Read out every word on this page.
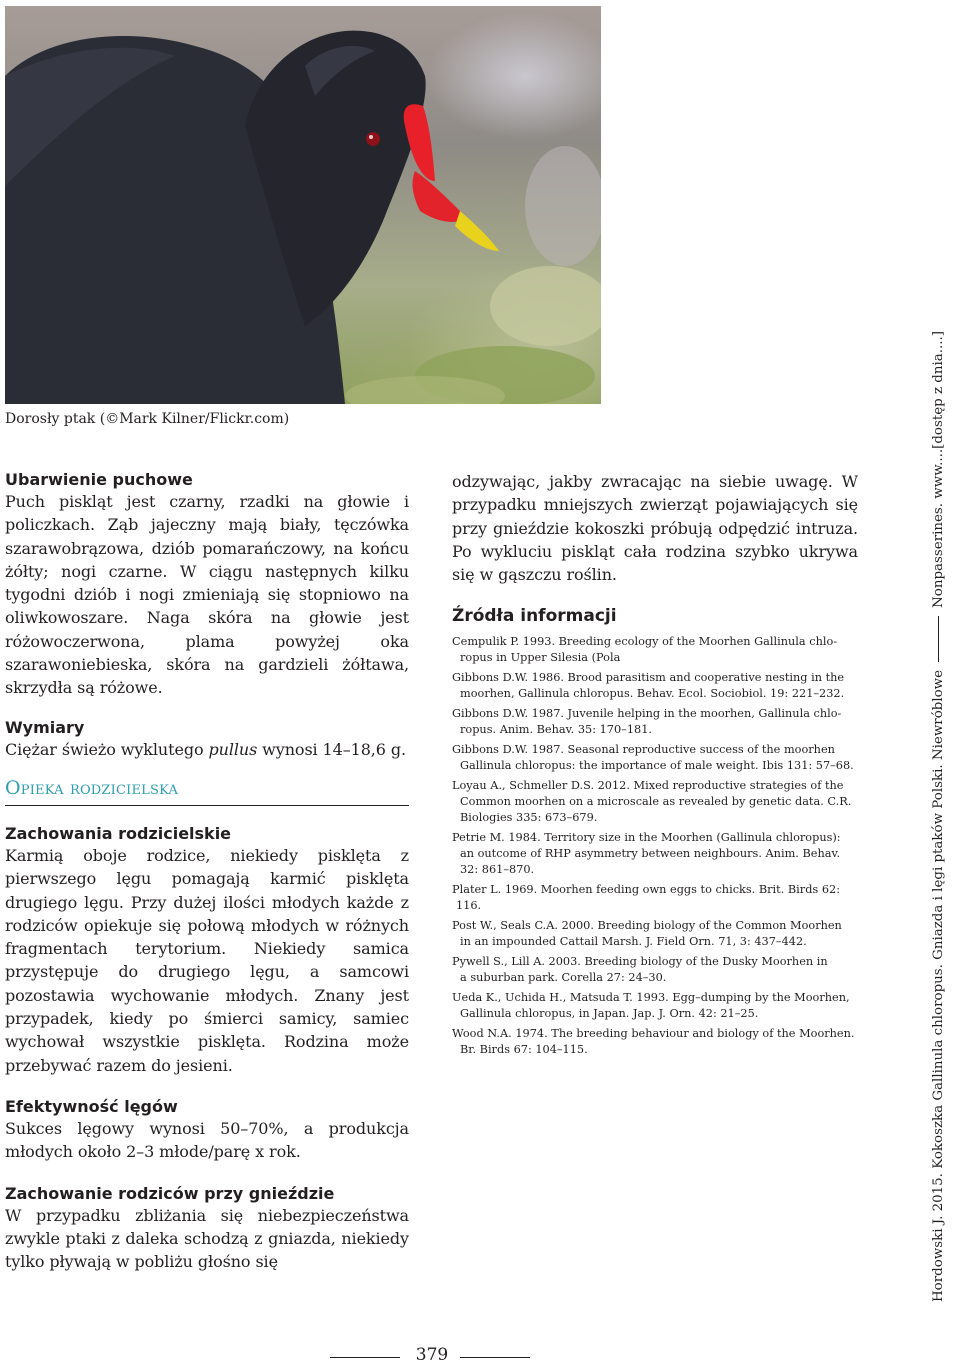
Dorosły ptak (©Mark Kilner/Flickr.com)
Ubarwienie puchowe

Puch piskląt jest czarny, rzadki na głowie i policzkach. Ząb jajeczny mają biały, tęczówka szarawobrązowa, dziób pomarańczowy, na końcu żółty; nogi czarne. W ciągu następnych kilku tygodni dziób i nogi zmieniają się stopniowo na oliwkowoszare. Naga skóra na głowie jest różowoczerwona, plama powyżej oka szarawoniebieska, skóra na gardzieli żółtawa, skrzydła są różowe.

Wymiary

Ciężar świeżo wyklutego pullus wynosi 14–18,6 g.

Opieka rodzicielska
Zachowania rodzicielskie

Karmią oboje rodzice, niekiedy pisklęta z pierwszego lęgu pomagają karmić pisklęta drugiego lęgu. Przy dużej ilości młodych każde z rodziców opiekuje się połową młodych w różnych fragmentach terytorium. Niekiedy samica przystępuje do drugiego lęgu, a samcowi pozostawia wychowanie młodych. Znany jest przypadek, kiedy po śmierci samicy, samiec wychował wszystkie pisklęta. Rodzina może przebywać razem do jesieni.

Efektywność lęgów

Sukces lęgowy wynosi 50–70%, a produkcja młodych około 2–3 młode/parę x rok.

Zachowanie rodziców przy gnieździe

W przypadku zbliżania się niebezpieczeństwa zwykle ptaki z daleka schodzą z gniazda, niekiedy tylko pływają w pobliżu głośno się

odzywając, jakby zwracając na siebie uwagę. W przypadku mniejszych zwierząt pojawiających się przy gnieździe kokoszki próbują odpędzić intruza. Po wykluciu piskląt cała rodzina szybko ukrywa się w gąszczu roślin.

Źródła informacji
Cempulik P. 1993. Breeding ecology of the Moorhen Gallinula chlo-
ropus in Upper Silesia (Pola
Gibbons D.W. 1986. Brood parasitism and cooperative nesting in the
moorhen, Gallinula chloropus. Behav. Ecol. Sociobiol. 19: 221–232.
Gibbons D.W. 1987. Juvenile helping in the moorhen, Gallinula chlo-
ropus. Anim. Behav. 35: 170–181.
Gibbons D.W. 1987. Seasonal reproductive success of the moorhen
Gallinula chloropus: the importance of male weight. Ibis 131: 57–68.
Loyau A., Schmeller D.S. 2012. Mixed reproductive strategies of the
Common moorhen on a microscale as revealed by genetic data. C.R. Biologies 335: 673–679.
Petrie M. 1984. Territory size in the Moorhen (Gallinula chloropus):
an outcome of RHP asymmetry between neighbours. Anim. Behav. 32: 861–870.
Plater L. 1969. Moorhen feeding own eggs to chicks. Brit. Birds 62: 116.
Post W., Seals C.A. 2000. Breeding biology of the Common Moorhen
in an impounded Cattail Marsh. J. Field Orn. 71, 3: 437–442.
Pywell S., Lill A. 2003. Breeding biology of the Dusky Moorhen in
a suburban park. Corella 27: 24–30.
Ueda K., Uchida H., Matsuda T. 1993. Egg–dumping by the Moorhen,
Gallinula chloropus, in Japan. Jap. J. Orn. 42: 21–25.
Wood N.A. 1974. The breeding behaviour and biology of the Moorhen.
Br. Birds 67: 104–115.	Hordowski J. 2015. Kokoszka Gallinula chloropus. Gniazda i lęgi ptaków Polski. NiewróbloweNonpasserines. www....[dostęp z dnia....]
379
